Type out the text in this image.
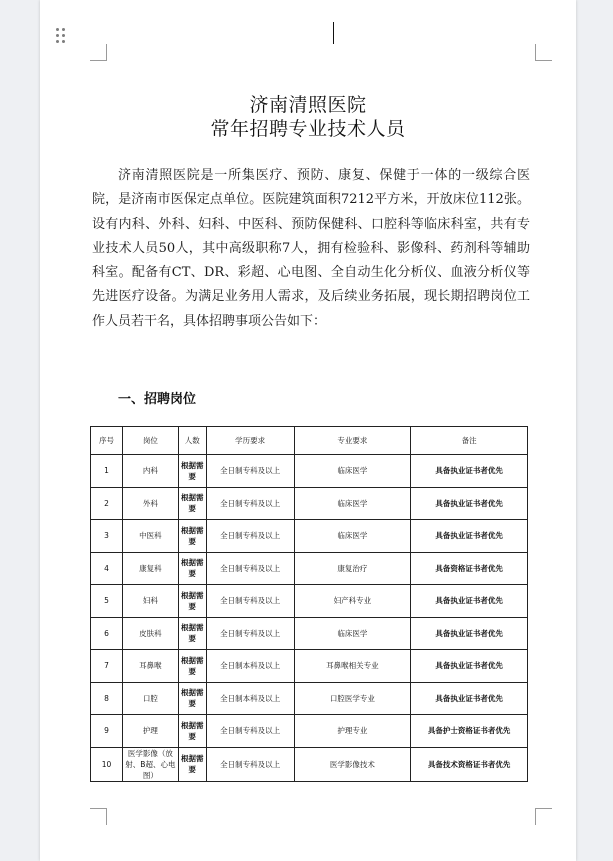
济南清照医院
常年招聘专业技术人员
济南清照医院是一所集医疗、预防、康复、保健于一体的一级综合医院，是济南市医保定点单位。医院建筑面积7212平方米，开放床位112张。设有内科、外科、妇科、中医科、预防保健科、口腔科等临床科室，共有专业技术人员50人，其中高级职称7人，拥有检验科、影像科、药剂科等辅助科室。配备有CT、DR、彩超、心电图、全自动生化分析仪、血液分析仪等先进医疗设备。为满足业务用人需求，及后续业务拓展，现长期招聘岗位工作人员若干名，具体招聘事项公告如下：
一、招聘岗位
序号	岗位	人数	学历要求	专业要求	备注
1	内科	根据需要	全日制专科及以上	临床医学	具备执业证书者优先
2	外科	根据需要	全日制专科及以上	临床医学	具备执业证书者优先
3	中医科	根据需要	全日制专科及以上	临床医学	具备执业证书者优先
4	康复科	根据需要	全日制专科及以上	康复治疗	具备资格证书者优先
5	妇科	根据需要	全日制专科及以上	妇产科专业	具备执业证书者优先
6	皮肤科	根据需要	全日制专科及以上	临床医学	具备执业证书者优先
7	耳鼻喉	根据需要	全日制本科及以上	耳鼻喉相关专业	具备执业证书者优先
8	口腔	根据需要	全日制本科及以上	口腔医学专业	具备执业证书者优先
9	护理	根据需要	全日制专科及以上	护理专业	具备护士资格证书者优先
10	医学影像（放射、B超、心电图）	根据需要	全日制专科及以上	医学影像技术	具备技术资格证书者优先
